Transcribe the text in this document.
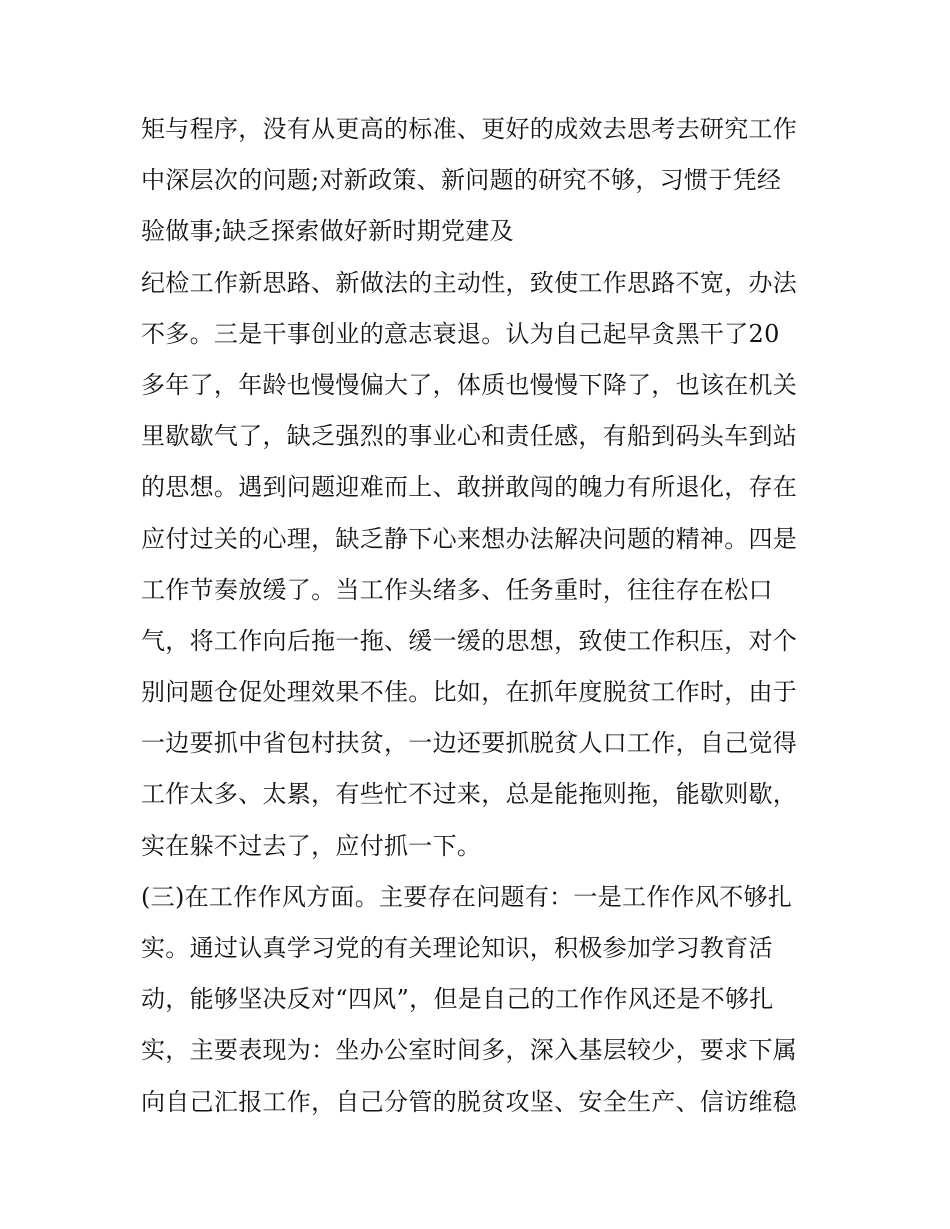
矩与程序，没有从更高的标准、更好的成效去思考去研究工作
中深层次的问题;对新政策、新问题的研究不够，习惯于凭经
验做事;缺乏探索做好新时期党建及
纪检工作新思路、新做法的主动性，致使工作思路不宽，办法
不多。三是干事创业的意志衰退。认为自己起早贪黑干了20
多年了，年龄也慢慢偏大了，体质也慢慢下降了，也该在机关
里歇歇气了，缺乏强烈的事业心和责任感，有船到码头车到站
的思想。遇到问题迎难而上、敢拼敢闯的魄力有所退化，存在
应付过关的心理，缺乏静下心来想办法解决问题的精神。四是
工作节奏放缓了。当工作头绪多、任务重时，往往存在松口
气，将工作向后拖一拖、缓一缓的思想，致使工作积压，对个
别问题仓促处理效果不佳。比如，在抓年度脱贫工作时，由于
一边要抓中省包村扶贫，一边还要抓脱贫人口工作，自己觉得
工作太多、太累，有些忙不过来，总是能拖则拖，能歇则歇，
实在躲不过去了，应付抓一下。
(三)在工作作风方面。主要存在问题有：一是工作作风不够扎
实。通过认真学习党的有关理论知识，积极参加学习教育活
动，能够坚决反对“四风”，但是自己的工作作风还是不够扎
实，主要表现为：坐办公室时间多，深入基层较少，要求下属
向自己汇报工作，自己分管的脱贫攻坚、安全生产、信访维稳
